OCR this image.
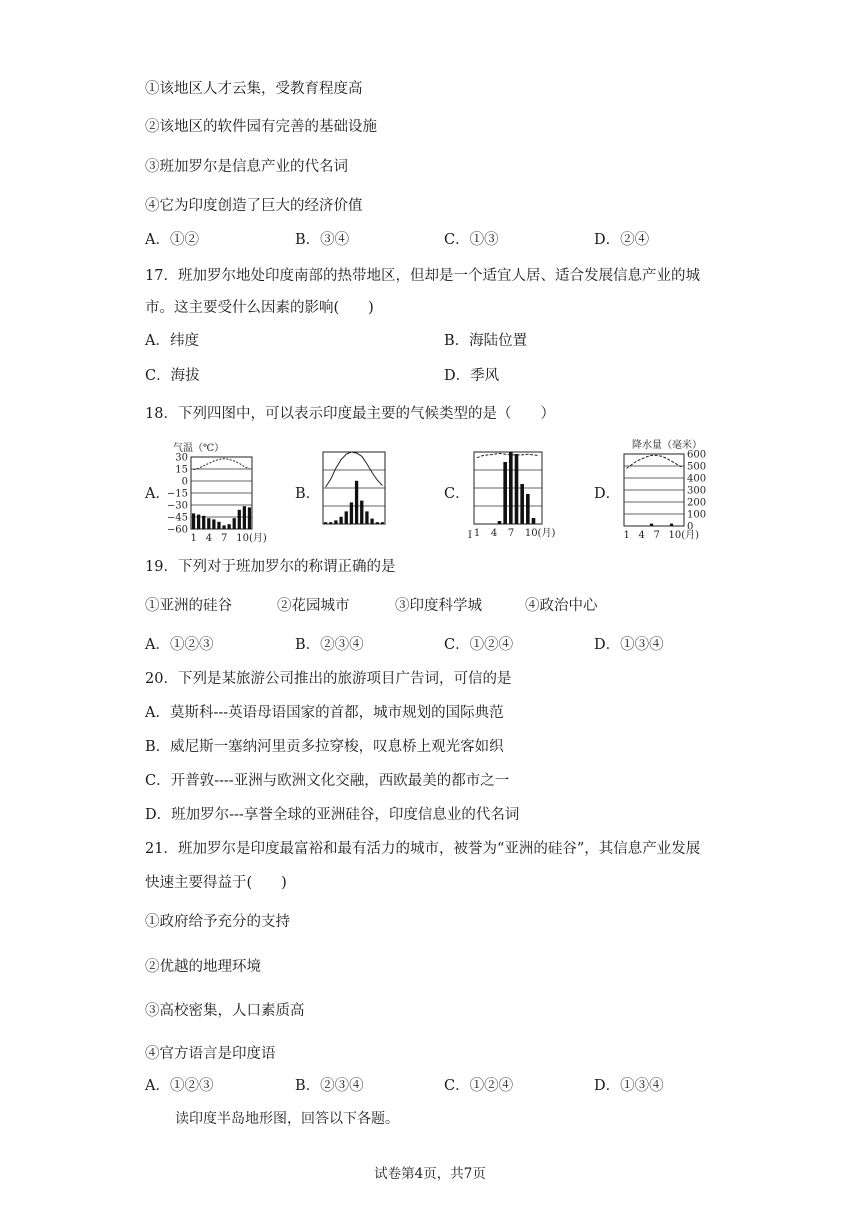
①该地区人才云集，受教育程度高
②该地区的软件园有完善的基础设施
③班加罗尔是信息产业的代名词
④它为印度创造了巨大的经济价值
A．①②	B．③④	C．①③	D．②④
17．班加罗尔地处印度南部的热带地区，但却是一个适宜人居、适合发展信息产业的城
市。这主要受什么因素的影响(　　)
A．纬度	B．海陆位置
C．海拔	D．季风
18．下列四图中，可以表示印度最主要的气候类型的是（　　）
A．	B．	C．	D．
气温（℃）
30
15
0
−15
−30
−45
−60
1 4 7 10(月)	I 1 4 7 10(月)
降水量（毫米）
600
500
400
300
200
100
0
1 4 7 10(月)
19．下列对于班加罗尔的称谓正确的是
①亚洲的硅谷	②花园城市	③印度科学城	④政治中心
A．①②③	B．②③④	C．①②④	D．①③④
20．下列是某旅游公司推出的旅游项目广告词，可信的是
A．莫斯科---英语母语国家的首都，城市规划的国际典范
B．威尼斯一塞纳河里贡多拉穿梭，叹息桥上观光客如织
C．开普敦----亚洲与欧洲文化交融，西欧最美的都市之一
D．班加罗尔---享誉全球的亚洲硅谷，印度信息业的代名词
21．班加罗尔是印度最富裕和最有活力的城市，被誉为“亚洲的硅谷”，其信息产业发展
快速主要得益于(　　)
①政府给予充分的支持
②优越的地理环境
③高校密集，人口素质高
④官方语言是印度语
A．①②③	B．②③④	C．①②④	D．①③④
读印度半岛地形图，回答以下各题。
试卷第4页，共7页
